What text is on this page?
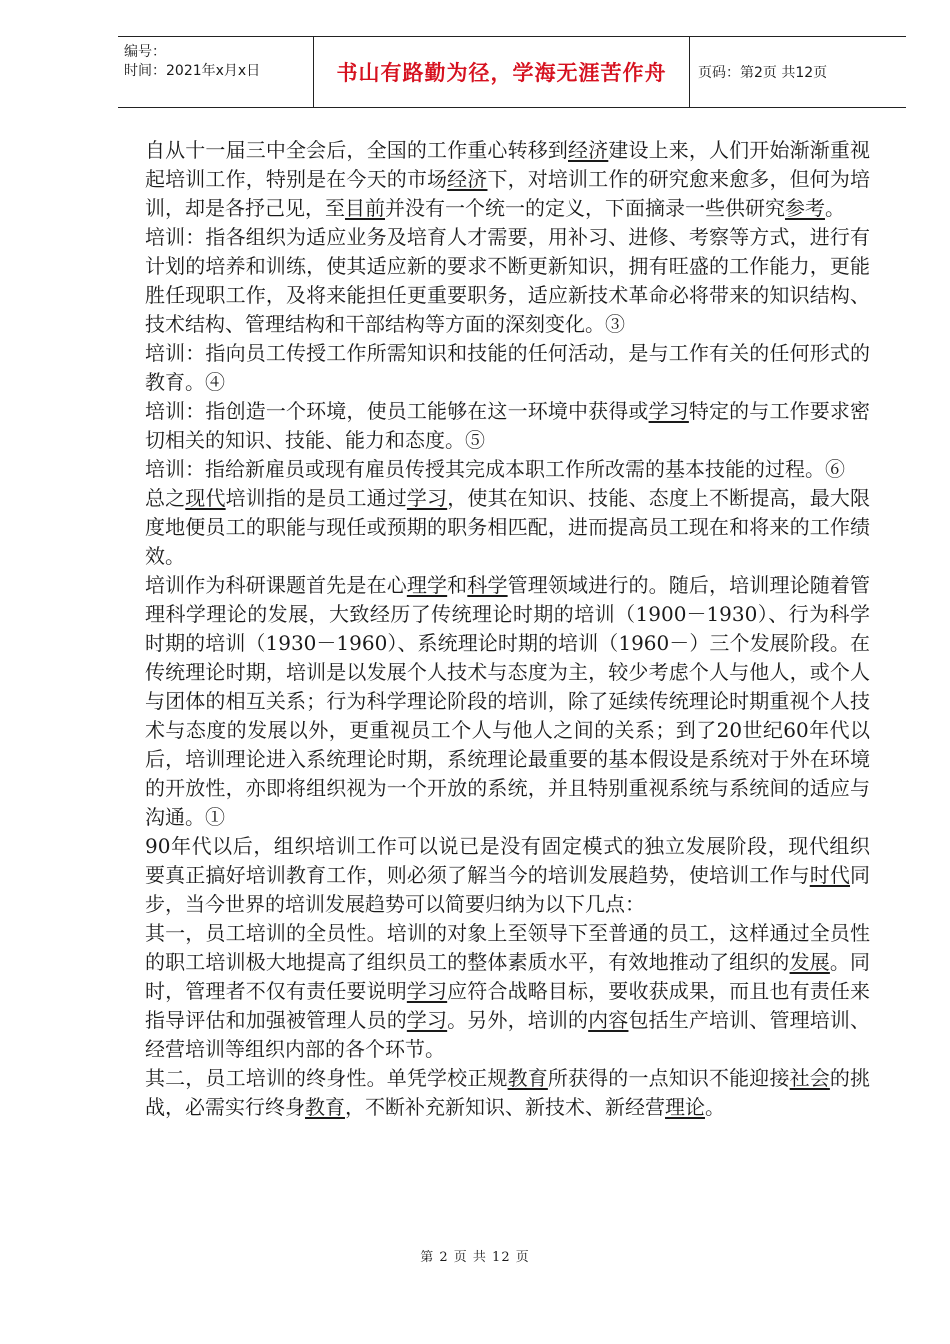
编号：
时间：2021年x月x日	书山有路勤为径，学海无涯苦作舟	页码：第2页 共12页

自从十一届三中全会后，全国的工作重心转移到经济建设上来，人们开始渐渐重视起培训工作，特别是在今天的市场经济下，对培训工作的研究愈来愈多，但何为培训，却是各抒己见，至目前并没有一个统一的定义，下面摘录一些供研究参考。

培训：指各组织为适应业务及培育人才需要，用补习、进修、考察等方式，进行有计划的培养和训练，使其适应新的要求不断更新知识，拥有旺盛的工作能力，更能胜任现职工作，及将来能担任更重要职务，适应新技术革命必将带来的知识结构、技术结构、管理结构和干部结构等方面的深刻变化。③

培训：指向员工传授工作所需知识和技能的任何活动，是与工作有关的任何形式的教育。④

培训：指创造一个环境，使员工能够在这一环境中获得或学习特定的与工作要求密切相关的知识、技能、能力和态度。⑤

培训：指给新雇员或现有雇员传授其完成本职工作所改需的基本技能的过程。⑥

总之现代培训指的是员工通过学习，使其在知识、技能、态度上不断提高，最大限度地便员工的职能与现任或预期的职务相匹配，进而提高员工现在和将来的工作绩效。

培训作为科研课题首先是在心理学和科学管理领域进行的。随后，培训理论随着管理科学理论的发展，大致经历了传统理论时期的培训（1900－1930）、行为科学时期的培训（1930－1960）、系统理论时期的培训（1960－）三个发展阶段。在传统理论时期，培训是以发展个人技术与态度为主，较少考虑个人与他人，或个人与团体的相互关系；行为科学理论阶段的培训，除了延续传统理论时期重视个人技术与态度的发展以外，更重视员工个人与他人之间的关系；到了20世纪60年代以后，培训理论进入系统理论时期，系统理论最重要的基本假设是系统对于外在环境的开放性，亦即将组织视为一个开放的系统，并且特别重视系统与系统间的适应与沟通。①

90年代以后，组织培训工作可以说已是没有固定模式的独立发展阶段，现代组织要真正搞好培训教育工作，则必须了解当今的培训发展趋势，使培训工作与时代同步，当今世界的培训发展趋势可以简要归纳为以下几点：

其一，员工培训的全员性。培训的对象上至领导下至普通的员工，这样通过全员性的职工培训极大地提高了组织员工的整体素质水平，有效地推动了组织的发展。同时，管理者不仅有责任要说明学习应符合战略目标，要收获成果，而且也有责任来指导评估和加强被管理人员的学习。另外，培训的内容包括生产培训、管理培训、经营培训等组织内部的各个环节。

其二，员工培训的终身性。单凭学校正规教育所获得的一点知识不能迎接社会的挑战，必需实行终身教育，不断补充新知识、新技术、新经营理论。

第 2 页 共 12 页
